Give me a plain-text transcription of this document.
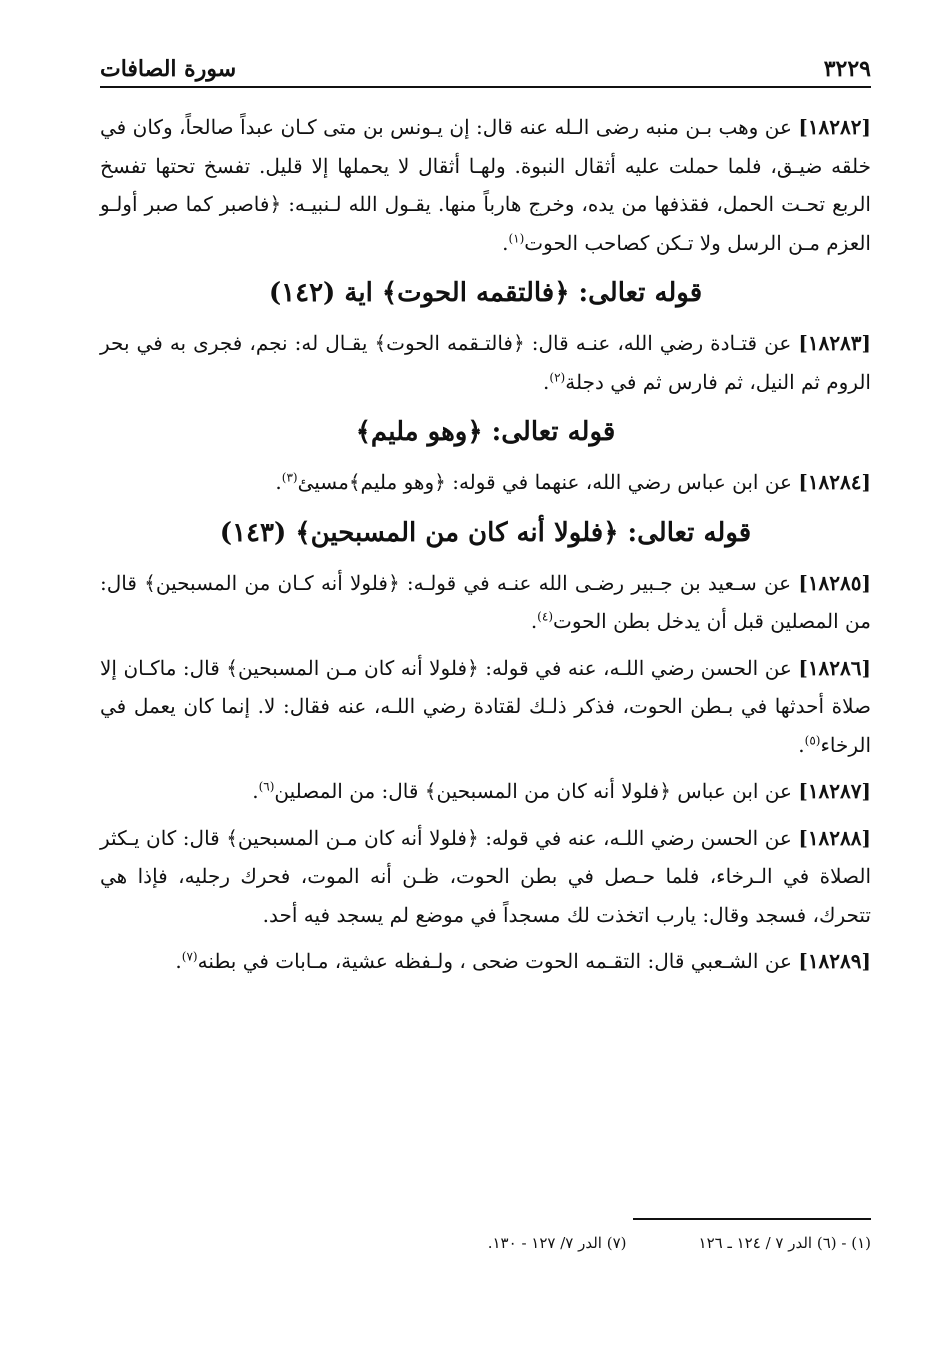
سورة الصافات	٣٢٢٩

[١٨٢٨٢] عن وهب بـن منبه رضى الـله عنه قال: إن يـونس بن متى كـان عبداً صالحاً، وكان في خلقه ضيـق، فلما حملت عليه أثقال النبوة. ولهـا أثقال لا يحملها إلا قليل. تفسخ تحتها تفسخ الربع تحـت الحمل، فقذفها من يده، وخرج هارباً منها. يقـول الله لـنبيـه: ﴿فاصبر كما صبر أولـو العزم مـن الرسل ولا تـكن كصاحب الحوت$^{(١)}$.

قوله تعالى: ﴿فالتقمه الحوت﴾ اية (١٤٢)

[١٨٢٨٣] عن قتـادة رضي الله، عنـه قال: ﴿فالتـقمه الحوت﴾ يقـال له: نجم، فجرى به في بحر الروم ثم النيل، ثم فارس ثم في دجلة$^{(٢)}$.

قوله تعالى: ﴿وهو مليم﴾

[١٨٢٨٤] عن ابن عباس رضي الله، عنهما في قوله: ﴿وهو مليم﴾مسيئ$^{(٣)}$.

قوله تعالى: ﴿فلولا أنه كان من المسبحين﴾ (١٤٣)

[١٨٢٨٥] عن سـعيد بن جـبير رضـى الله عنـه في قولـه: ﴿فلولا أنه كـان من المسبحين﴾ قال: من المصلين قبل أن يدخل بطن الحوت$^{(٤)}$.

[١٨٢٨٦] عن الحسن رضي اللـه، عنه في قوله: ﴿فلولا أنه كان مـن المسبحين﴾ قال: ماكـان إلا صلاة أحدثها في بـطن الحوت، فذكر ذلـك لقتادة رضي اللـه، عنه فقال: لا. إنما كان يعمل في الرخاء$^{(٥)}$.

[١٨٢٨٧] عن ابن عباس ﴿فلولا أنه كان من المسبحين﴾ قال: من المصلين$^{(٦)}$.

[١٨٢٨٨] عن الحسن رضي اللـه، عنه في قوله: ﴿فلولا أنه كان مـن المسبحين﴾ قال: كان يـكثر الصلاة في الـرخاء، فلما حـصل في بطن الحوت، ظـن أنه الموت، فحرك رجليه، فإذا هي تتحرك، فسجد وقال: يارب اتخذت لك مسجداً في موضع لم يسجد فيه أحد.

[١٨٢٨٩] عن الشـعبي قال: التقـمه الحوت ضحى ، ولـفظه عشية، مـابات في بطنه$^{(٧)}$.

(١) - (٦) الدر ٧ / ١٢٤ ـ ١٢٦
(٧) الدر ٧/ ١٢٧ - ١٣٠.
